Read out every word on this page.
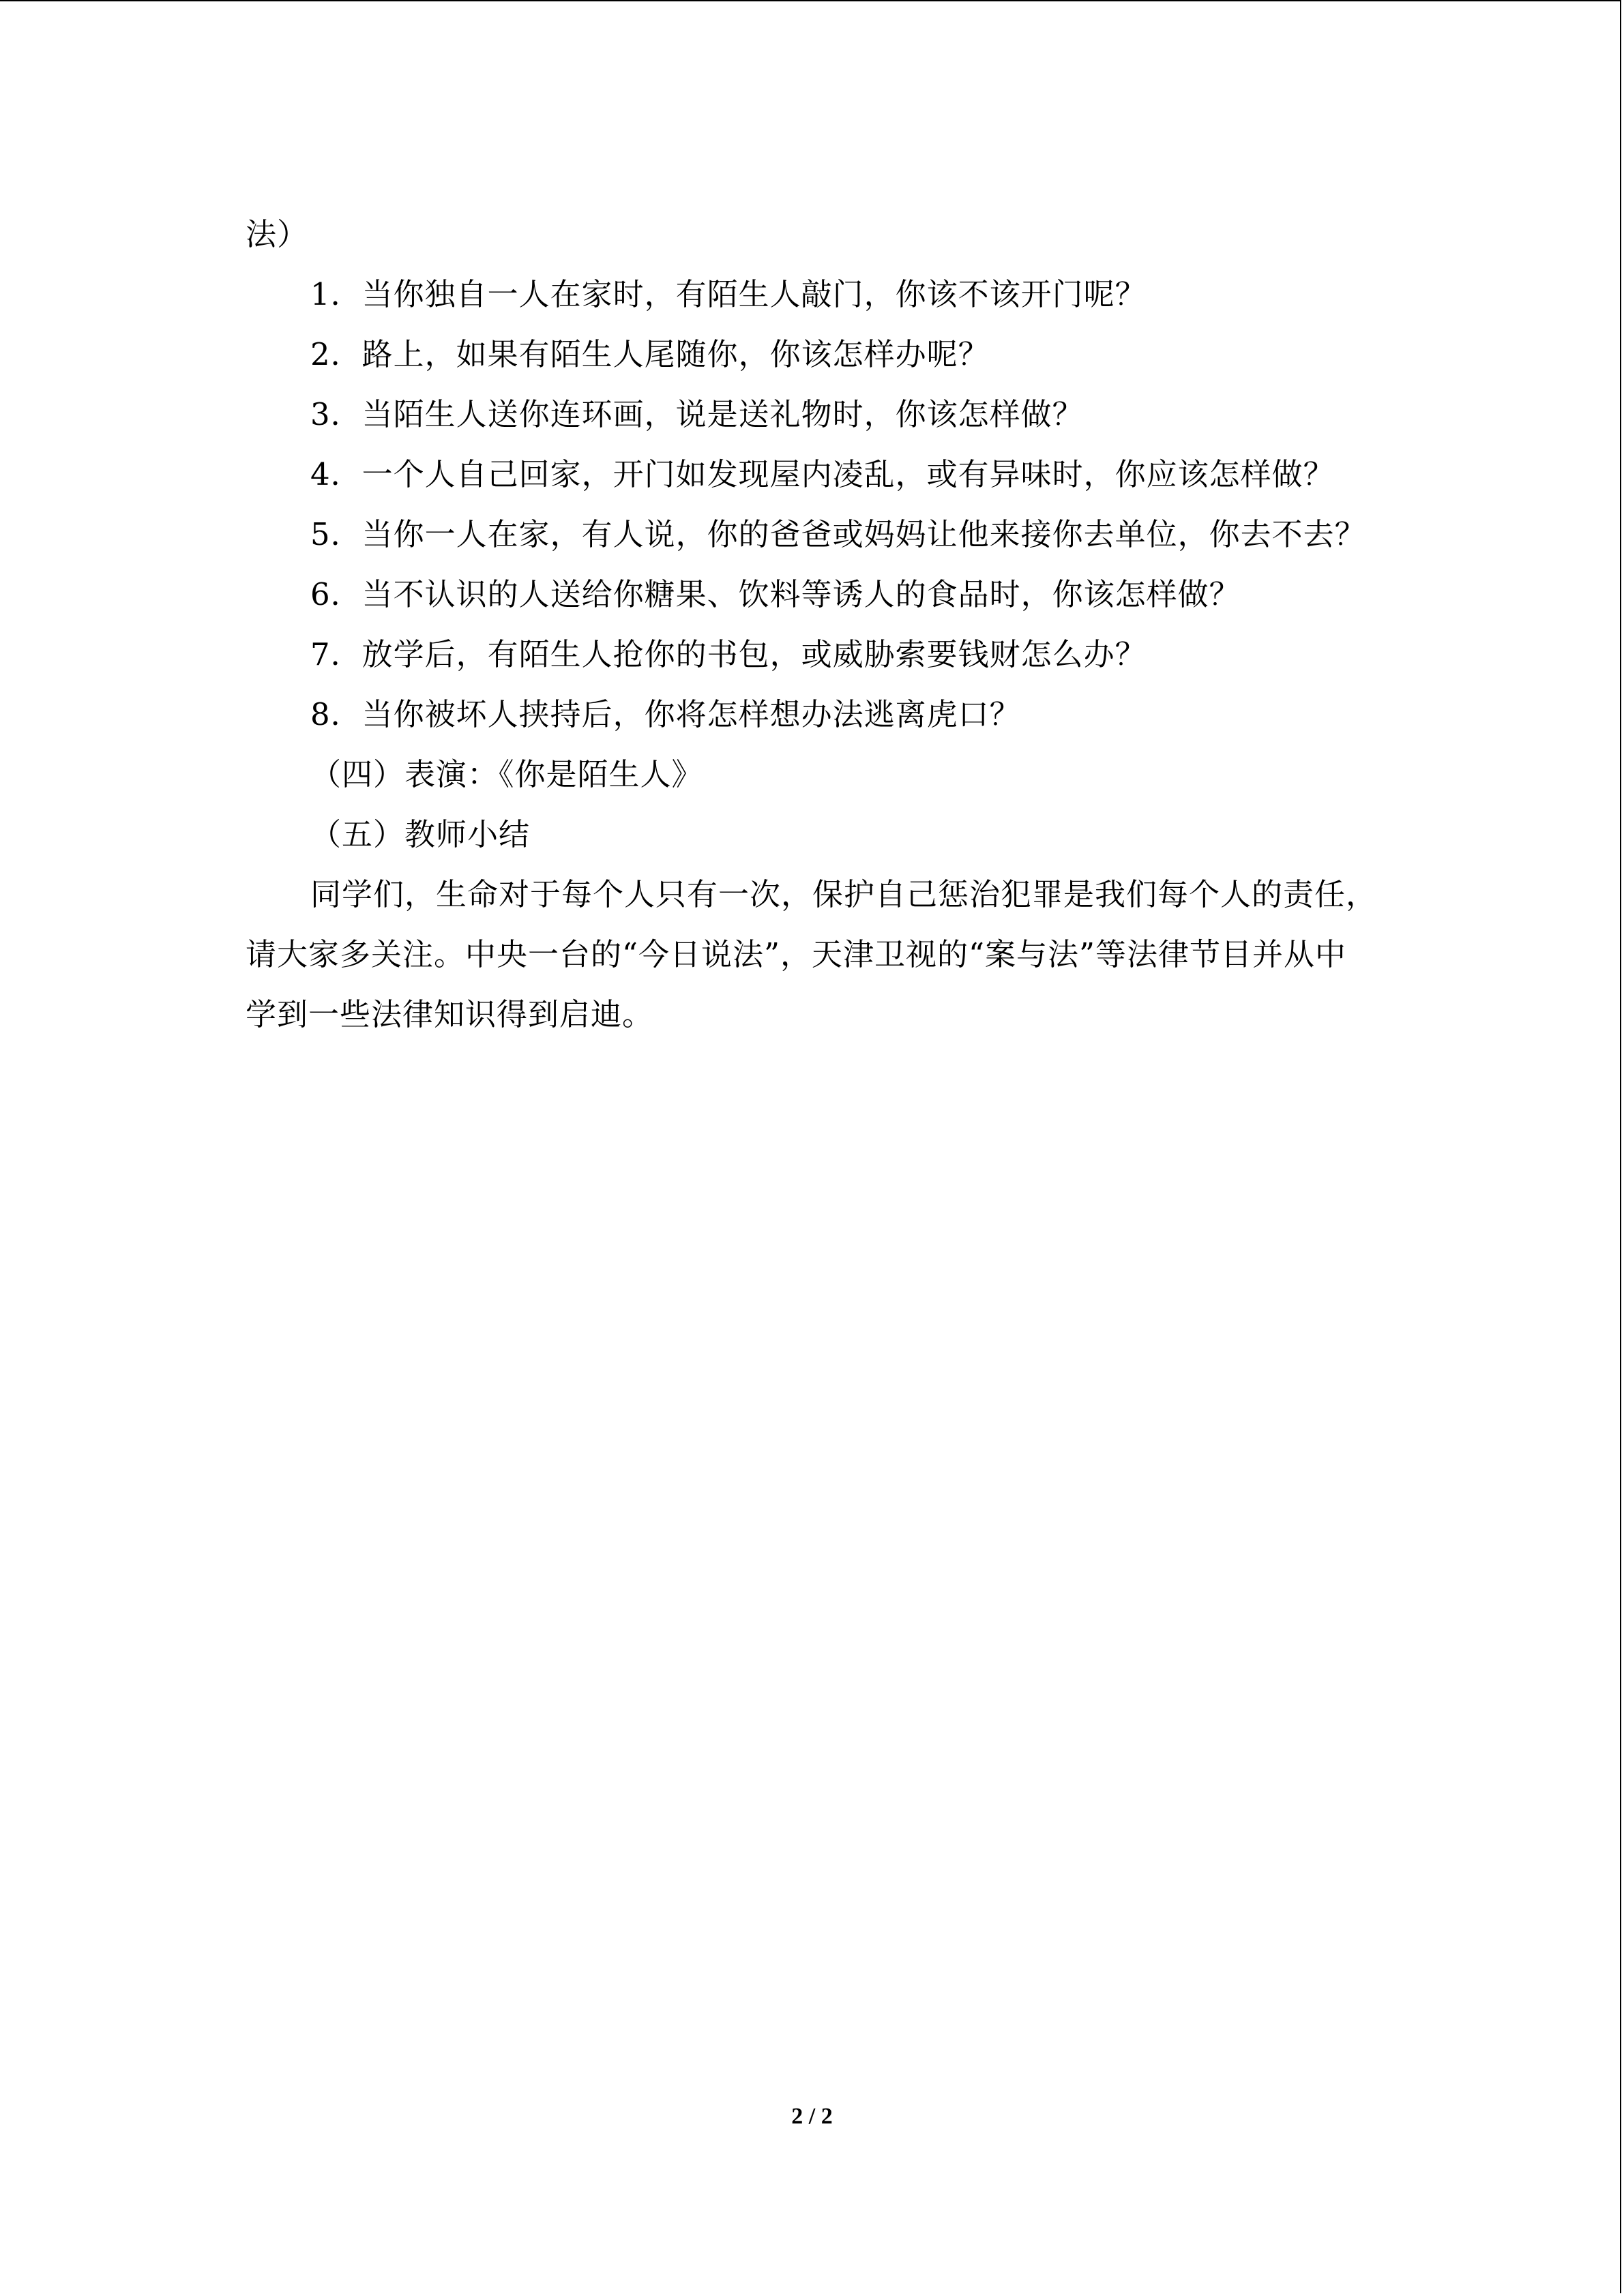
法）

1．当你独自一人在家时，有陌生人敲门，你该不该开门呢？

2．路上，如果有陌生人尾随你，你该怎样办呢？

3．当陌生人送你连环画，说是送礼物时，你该怎样做？

4．一个人自己回家，开门如发现屋内凌乱，或有异味时，你应该怎样做？

5．当你一人在家，有人说，你的爸爸或妈妈让他来接你去单位，你去不去？

6．当不认识的人送给你糖果、饮料等诱人的食品时，你该怎样做？

7．放学后，有陌生人抢你的书包，或威胁索要钱财怎么办？

8．当你被坏人挟持后，你将怎样想办法逃离虎口？

（四）表演：《你是陌生人》

（五）教师小结

同学们，生命对于每个人只有一次，保护自己惩治犯罪是我们每个人的责任，请大家多关注。中央一台的“今日说法”，天津卫视的“案与法”等法律节目并从中学到一些法律知识得到启迪。

2 / 2
